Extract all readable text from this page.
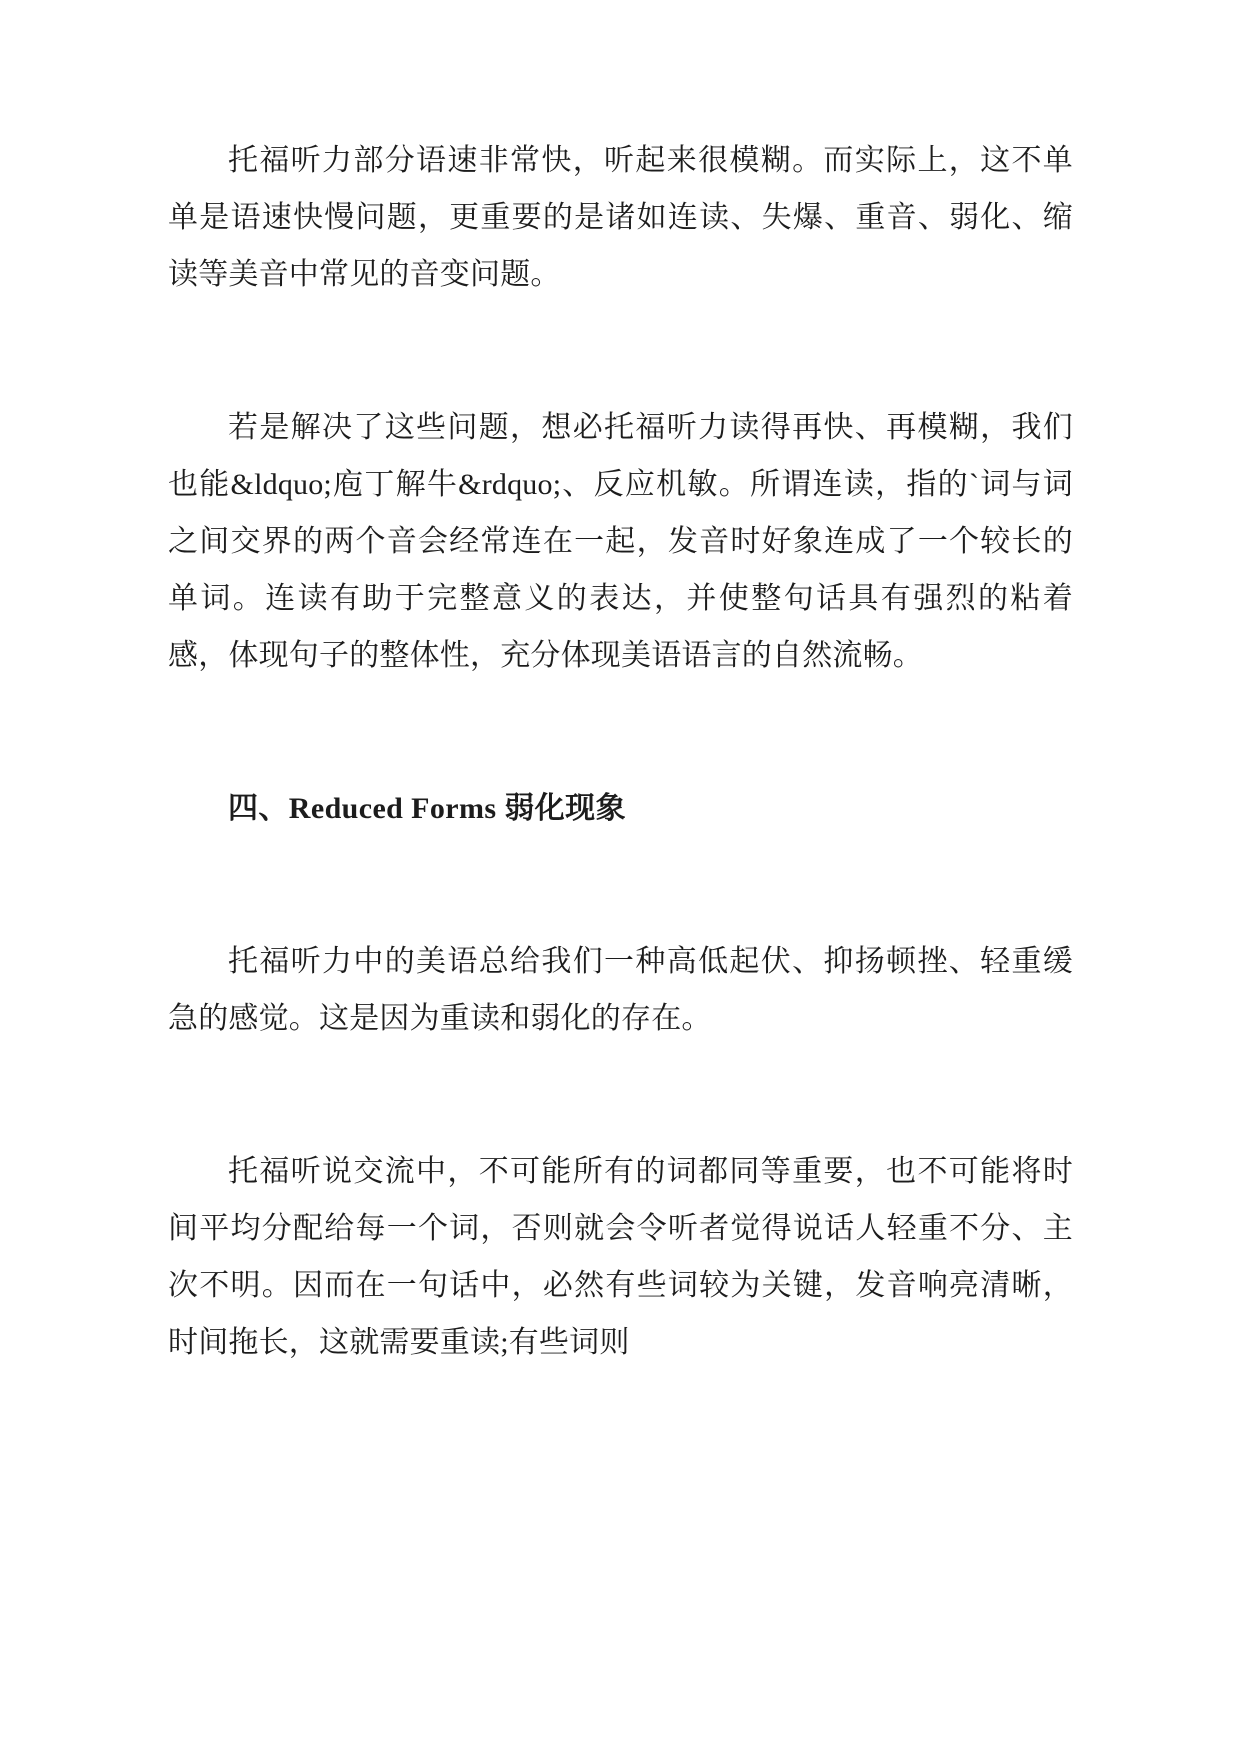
托福听力部分语速非常快，听起来很模糊。而实际上，这不单单是语速快慢问题，更重要的是诸如连读、失爆、重音、弱化、缩读等美音中常见的音变问题。

若是解决了这些问题，想必托福听力读得再快、再模糊，我们也能&ldquo;庖丁解牛&rdquo;、反应机敏。所谓连读，指的`词与词之间交界的两个音会经常连在一起，发音时好象连成了一个较长的单词。连读有助于完整意义的表达，并使整句话具有强烈的粘着感，体现句子的整体性，充分体现美语语言的自然流畅。

四、Reduced Forms 弱化现象

托福听力中的美语总给我们一种高低起伏、抑扬顿挫、轻重缓急的感觉。这是因为重读和弱化的存在。

托福听说交流中，不可能所有的词都同等重要，也不可能将时间平均分配给每一个词，否则就会令听者觉得说话人轻重不分、主次不明。因而在一句话中，必然有些词较为关键，发音响亮清晰，时间拖长，这就需要重读;有些词则
